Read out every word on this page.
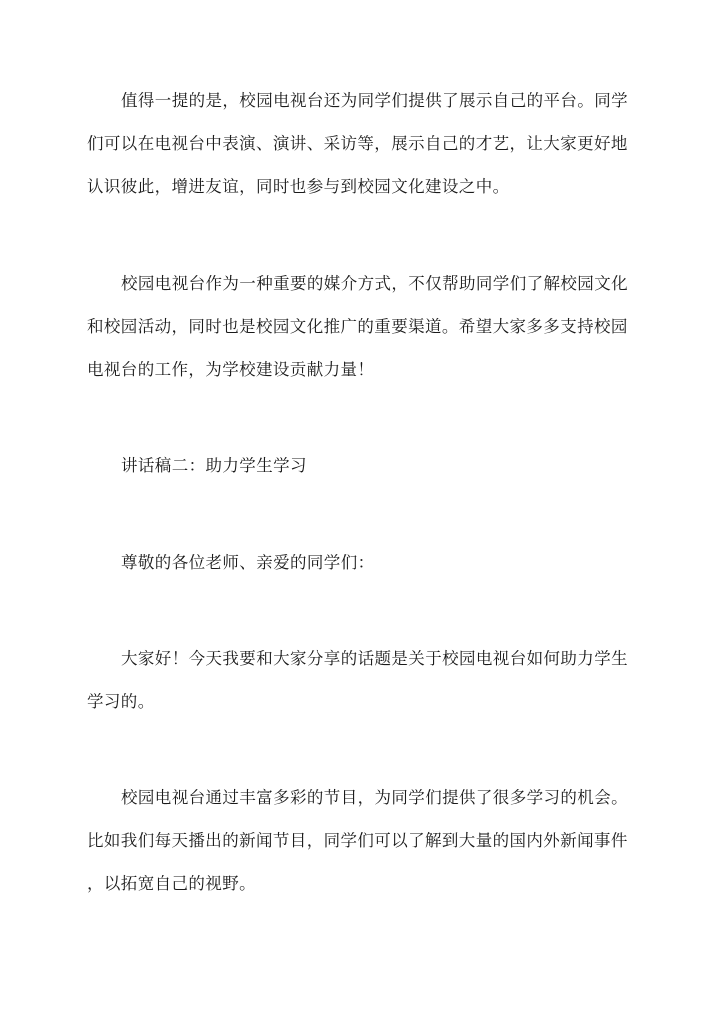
值得一提的是，校园电视台还为同学们提供了展示自己的平台。同学
们可以在电视台中表演、演讲、采访等，展示自己的才艺，让大家更好地
认识彼此，增进友谊，同时也参与到校园文化建设之中。

校园电视台作为一种重要的媒介方式，不仅帮助同学们了解校园文化
和校园活动，同时也是校园文化推广的重要渠道。希望大家多多支持校园
电视台的工作，为学校建设贡献力量！

讲话稿二：助力学生学习

尊敬的各位老师、亲爱的同学们：

大家好！今天我要和大家分享的话题是关于校园电视台如何助力学生
学习的。

校园电视台通过丰富多彩的节目，为同学们提供了很多学习的机会。
比如我们每天播出的新闻节目，同学们可以了解到大量的国内外新闻事件
，以拓宽自己的视野。
